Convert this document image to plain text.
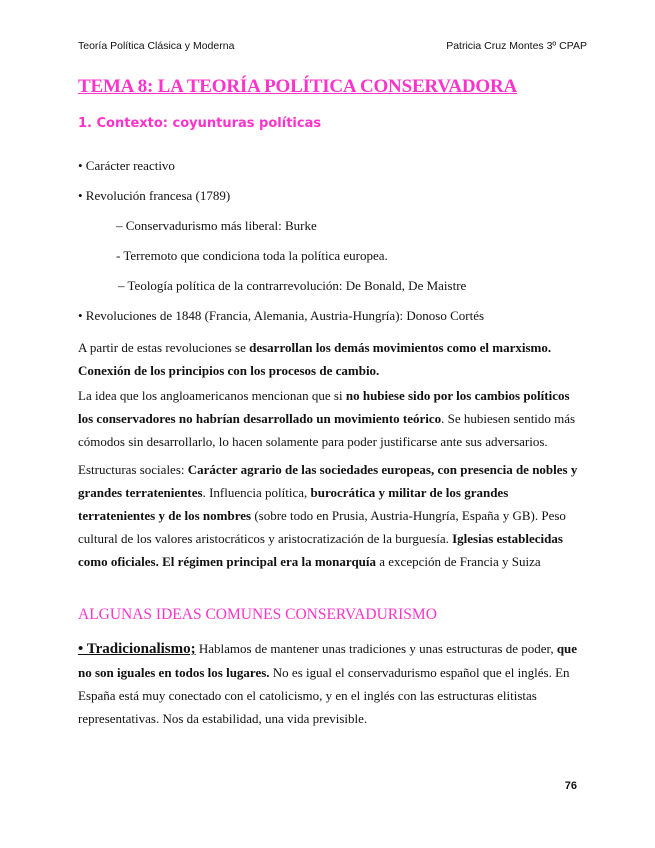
Teoría Política Clásica y Moderna	Patricia Cruz Montes 3º CPAP
TEMA 8: LA TEORÍA POLÍTICA CONSERVADORA
1. Contexto: coyunturas políticas
• Carácter reactivo
• Revolución francesa (1789)
– Conservadurismo más liberal: Burke
- Terremoto que condiciona toda la política europea.
– Teología política de la contrarrevolución: De Bonald, De Maistre
• Revoluciones de 1848 (Francia, Alemania, Austria-Hungría): Donoso Cortés
A partir de estas revoluciones se desarrollan los demás movimientos como el marxismo. Conexión de los principios con los procesos de cambio.
La idea que los angloamericanos mencionan que si no hubiese sido por los cambios políticos los conservadores no habrían desarrollado un movimiento teórico. Se hubiesen sentido más cómodos sin desarrollarlo, lo hacen solamente para poder justificarse ante sus adversarios.
Estructuras sociales: Carácter agrario de las sociedades europeas, con presencia de nobles y grandes terratenientes. Influencia política, burocrática y militar de los grandes terratenientes y de los nombres (sobre todo en Prusia, Austria-Hungría, España y GB). Peso cultural de los valores aristocráticos y aristocratización de la burguesía. Iglesias establecidas como oficiales. El régimen principal era la monarquía a excepción de Francia y Suiza
ALGUNAS IDEAS COMUNES CONSERVADURISMO
• Tradicionalismo; Hablamos de mantener unas tradiciones y unas estructuras de poder, que no son iguales en todos los lugares. No es igual el conservadurismo español que el inglés. En España está muy conectado con el catolicismo, y en el inglés con las estructuras elitistas representativas. Nos da estabilidad, una vida previsible.
76
